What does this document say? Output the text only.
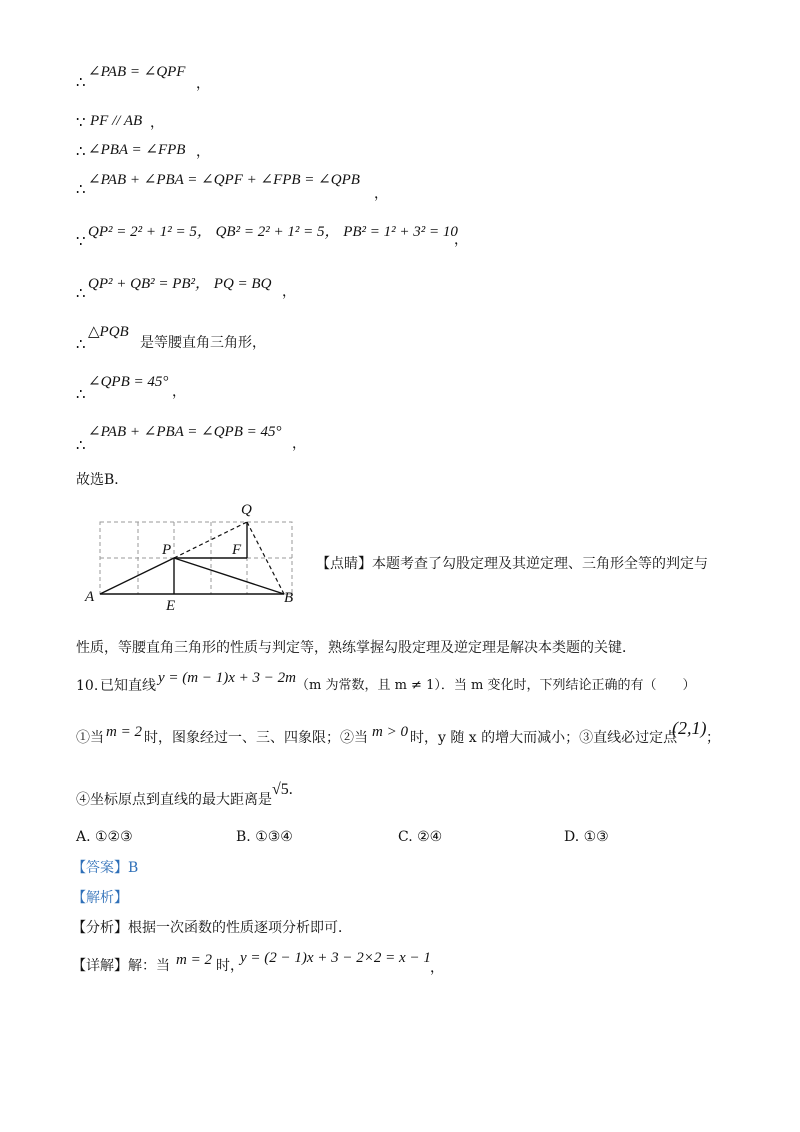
∴
∠PAB = ∠QPF
，
∵ PF // AB ，
∴ ∠PBA = ∠FPB ，
∴ ∠PAB + ∠PBA = ∠QPF + ∠FPB = ∠QPB
，
∵ QP² = 2² + 1² = 5， QB² = 2² + 1² = 5， PB² = 1² + 3² = 10
，
∴ QP² + QB² = PB²， PQ = BQ ，
∴
△PQB
是等腰直角三角形，
∴
∠QPB = 45°
，
∴
∠PAB + ∠PBA = ∠QPB = 45°
，
故选B．
Q
P	F
A
E	B
【点睛】本题考查了勾股定理及其逆定理、三角形全等的判定与
性质，等腰直角三角形的性质与判定等，熟练掌握勾股定理及逆定理是解决本类题的关键．
10. 已知直线 y = (m − 1)x + 3 − 2m （m 为常数，且 m ≠ 1）．当 m 变化时，下列结论正确的有（　　）
①当 m = 2 时，图象经过一、三、四象限；②当 m > 0 时，y 随 x 的增大而减小；③直线必过定点
(2,1) ；
④坐标原点到直线的最大距离是
√5.
A. ①②③	B. ①③④	C. ②④	D. ①③
【答案】B
【解析】
【分析】根据一次函数的性质逐项分析即可．
【详解】解：当 m = 2 时，
y = (2 − 1)x + 3 − 2×2 = x − 1
，
